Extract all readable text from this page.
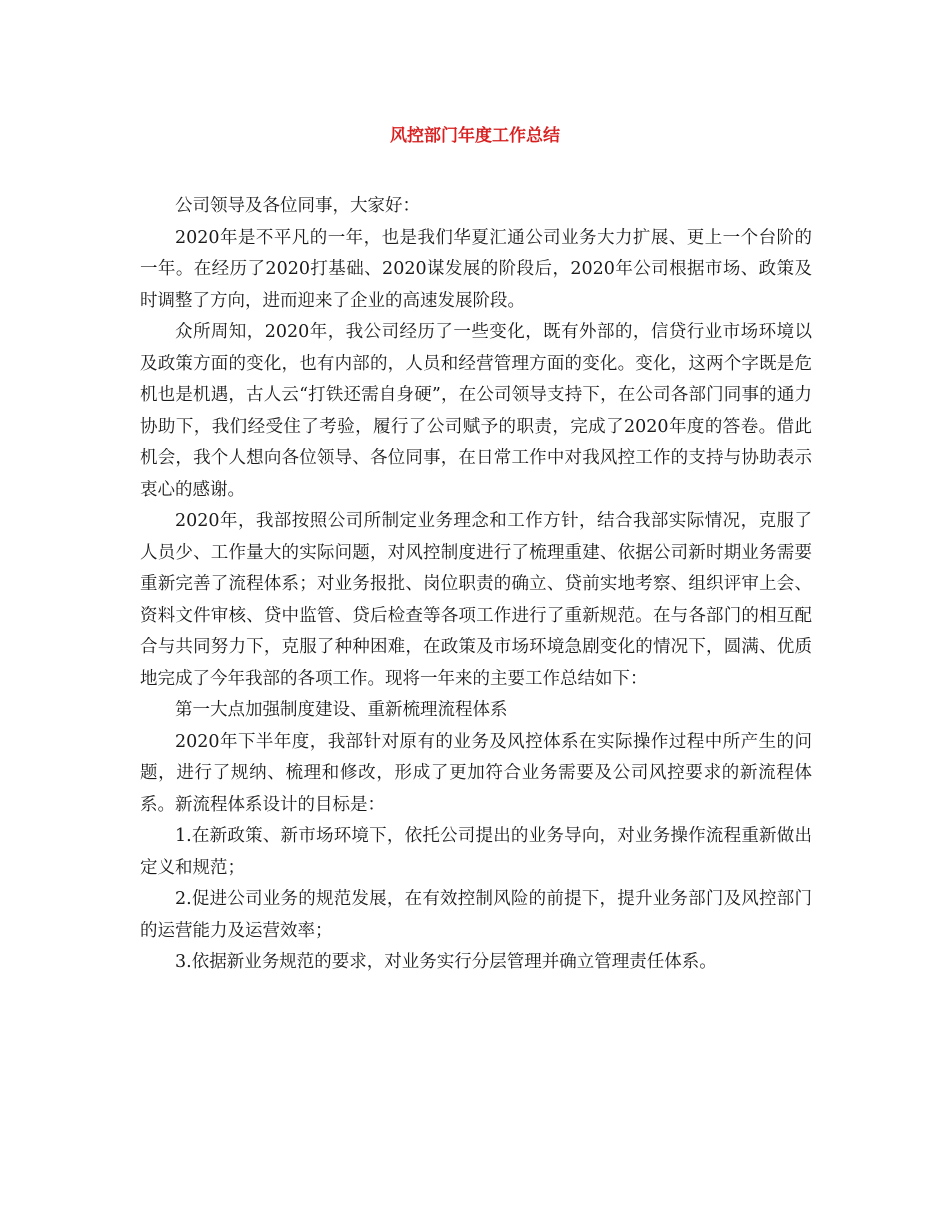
风控部门年度工作总结

公司领导及各位同事，大家好：

2020年是不平凡的一年，也是我们华夏汇通公司业务大力扩展、更上一个台阶的一年。在经历了2020打基础、2020谋发展的阶段后，2020年公司根据市场、政策及时调整了方向，进而迎来了企业的高速发展阶段。

众所周知，2020年，我公司经历了一些变化，既有外部的，信贷行业市场环境以及政策方面的变化，也有内部的，人员和经营管理方面的变化。变化，这两个字既是危机也是机遇，古人云“打铁还需自身硬”，在公司领导支持下，在公司各部门同事的通力协助下，我们经受住了考验，履行了公司赋予的职责，完成了2020年度的答卷。借此机会，我个人想向各位领导、各位同事，在日常工作中对我风控工作的支持与协助表示衷心的感谢。

2020年，我部按照公司所制定业务理念和工作方针，结合我部实际情况，克服了人员少、工作量大的实际问题，对风控制度进行了梳理重建、依据公司新时期业务需要重新完善了流程体系；对业务报批、岗位职责的确立、贷前实地考察、组织评审上会、资料文件审核、贷中监管、贷后检查等各项工作进行了重新规范。在与各部门的相互配合与共同努力下，克服了种种困难，在政策及市场环境急剧变化的情况下，圆满、优质地完成了今年我部的各项工作。现将一年来的主要工作总结如下：

第一大点加强制度建设、重新梳理流程体系

2020年下半年度，我部针对原有的业务及风控体系在实际操作过程中所产生的问题，进行了规纳、梳理和修改，形成了更加符合业务需要及公司风控要求的新流程体系。新流程体系设计的目标是：

1.在新政策、新市场环境下，依托公司提出的业务导向，对业务操作流程重新做出定义和规范；

2.促进公司业务的规范发展，在有效控制风险的前提下，提升业务部门及风控部门的运营能力及运营效率；

3.依据新业务规范的要求，对业务实行分层管理并确立管理责任体系。
